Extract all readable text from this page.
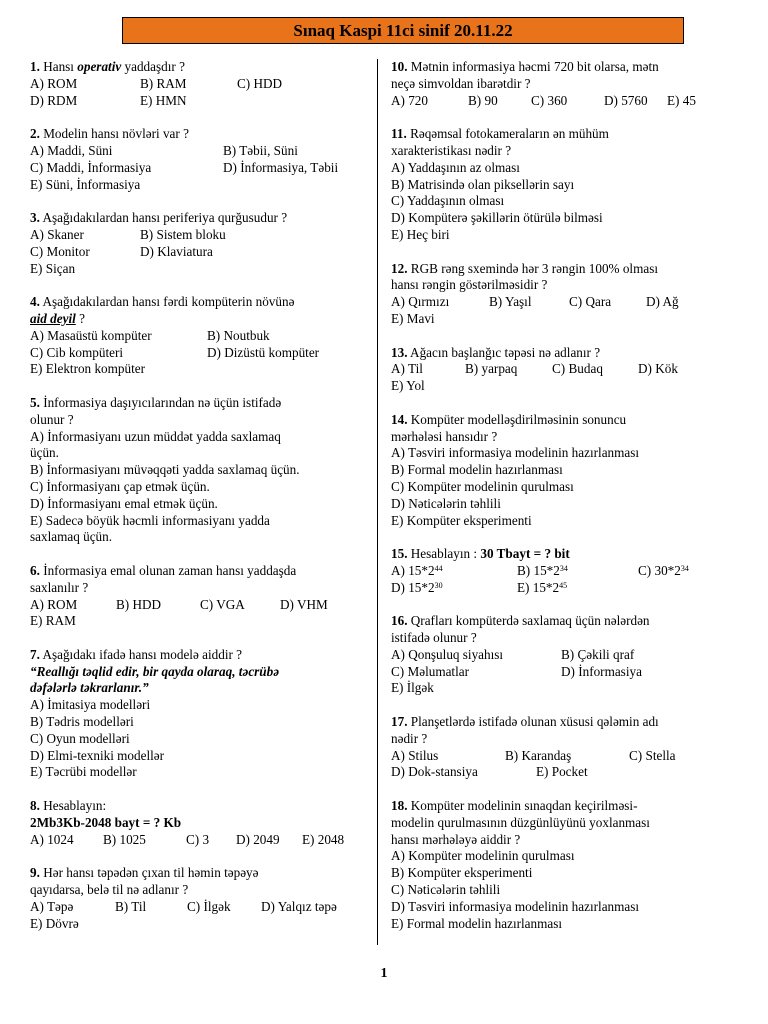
Sınaq Kaspi 11ci sinif 20.11.22
1. Hansı operativ yaddaşdır ?
A) ROM	B) RAM	C) HDD
D) RDM	E) HMN
2. Modelin hansı növləri var ?
A) Maddi, Süni	B) Təbii, Süni
C) Maddi, İnformasiya	D) İnformasiya, Təbii
E) Süni, İnformasiya
3. Aşağıdakılardan hansı periferiya qurğusudur ?
A) Skaner	B) Sistem bloku
C) Monitor	D) Klaviatura
E) Siçan
4. Aşağıdakılardan hansı fərdi kompüterin növünə
aid deyil ?
A) Masaüstü kompüter	B) Noutbuk
C) Cib kompüteri	D) Dizüstü kompüter
E) Elektron kompüter
5. İnformasiya daşıyıcılarından nə üçün istifadə
olunur ?
A) İnformasiyanı uzun müddət yadda saxlamaq
üçün.
B) İnformasiyanı müvəqqəti yadda saxlamaq üçün.
C) İnformasiyanı çap etmək üçün.
D) İnformasiyanı emal etmək üçün.
E) Sadecə böyük həcmli informasiyanı yadda
saxlamaq üçün.
6. İnformasiya emal olunan zaman hansı yaddaşda
saxlanılır ?
A) ROM	B) HDD	C) VGA	D) VHM
E) RAM
7. Aşağıdakı ifadə hansı modelə aiddir ?
“Reallığı təqlid edir, bir qayda olaraq, təcrübə
dəfələrlə təkrarlanır.”
A) İmitasiya modelləri
B) Tədris modelləri
C) Oyun modelləri
D) Elmi-texniki modellər
E) Təcrübi modellər
8. Hesablayın:
2Mb3Kb-2048 bayt = ? Kb
A) 1024	B) 1025	C) 3	D) 2049	E) 2048
9. Hər hansı təpədən çıxan til həmin təpəyə
qayıdarsa, belə til nə adlanır ?
A) Təpə	B) Til	C) İlgək	D) Yalqız təpə
E) Dövrə
10. Mətnin informasiya həcmi 720 bit olarsa, mətn
neçə simvoldan ibarətdir ?
A) 720	B) 90	C) 360	D) 5760	E) 45
11. Rəqəmsal fotokameraların ən mühüm
xarakteristikası nədir ?
A) Yaddaşının az olması
B) Matrisində olan piksellərin sayı
C) Yaddaşının olması
D) Kompüterə şəkillərin ötürülə bilməsi
E) Heç biri
12. RGB rəng sxemində hər 3 rəngin 100% olması
hansı rəngin göstərilməsidir ?
A) Qırmızı	B) Yaşıl	C) Qara	D) Ağ
E) Mavi
13. Ağacın başlanğıc təpəsi nə adlanır ?
A) Til	B) yarpaq	C) Budaq	D) Kök
E) Yol
14. Kompüter modelləşdirilməsinin sonuncu
mərhələsi hansıdır ?
A) Təsviri informasiya modelinin hazırlanması
B) Formal modelin hazırlanması
C) Kompüter modelinin qurulması
D) Nəticələrin təhlili
E) Kompüter eksperimenti
15. Hesablayın : 30 Tbayt = ? bit
A) $15*2^{44}$	B) $15*2^{34}$	C) $30*2^{34}$
D) $15*2^{30}$	E) $15*2^{45}$
16. Qrafları kompüterdə saxlamaq üçün nələrdən
istifadə olunur ?
A) Qonşuluq siyahısı	B) Çəkili qraf
C) Məlumatlar	D) İnformasiya
E) İlgək
17. Planşetlərdə istifadə olunan xüsusi qələmin adı
nədir ?
A) Stilus	B) Karandaş	C) Stella
D) Dok-stansiya	E) Pocket
18. Kompüter modelinin sınaqdan keçirilməsi-
modelin qurulmasının düzgünlüyünü yoxlanması
hansı mərhələyə aiddir ?
A) Kompüter modelinin qurulması
B) Kompüter eksperimenti
C) Nəticələrin təhlili
D) Təsviri informasiya modelinin hazırlanması
E) Formal modelin hazırlanması
1
